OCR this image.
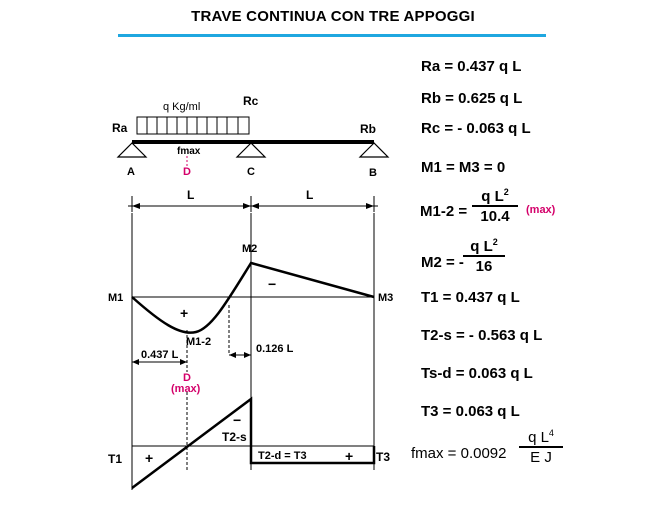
TRAVE CONTINUA CON TRE APPOGGI
q Kg/ml
Ra
Rc
Rb
fmax
D
A	C	B
L	L
M1
M2
M3
M1-2
+
−
0.437 L	0.126 L
D
(max)
T1	T3
T2-s
T2-d = T3
+	+
−
Ra = 0.437 q L
Rb = 0.625 q L
Rc = - 0.063 q L
M1 = M3 = 0
$M1-2 = \frac{q L^2}{10.4} (\max)$
M2 = - $\frac{q L^2}{16}$
T1 = 0.437 q L
T2-s = - 0.563 q L
Ts-d = 0.063 q L
T3 = 0.063 q L
$fmax = 0.0092 \frac{q L^4}{\text{E J}}$
